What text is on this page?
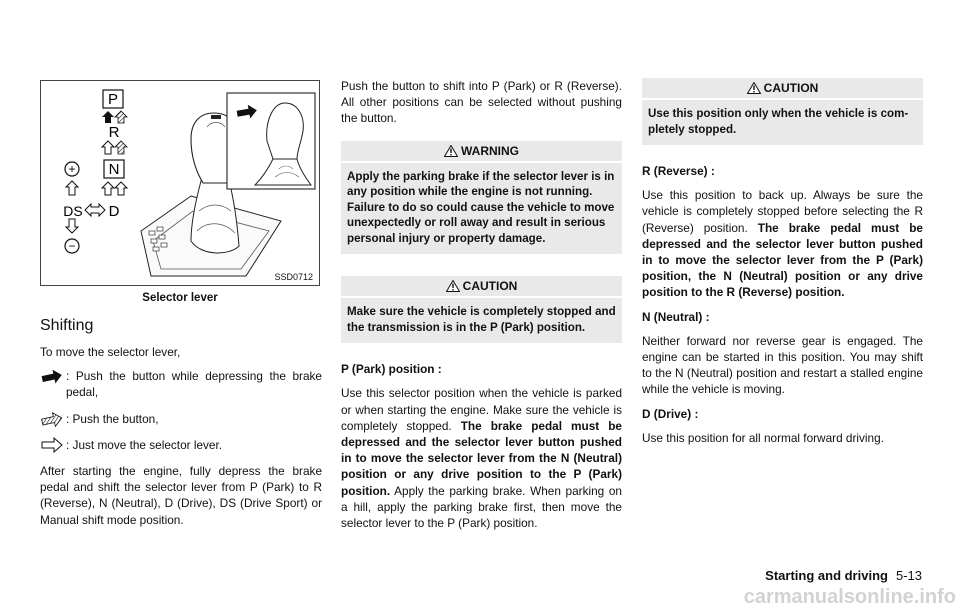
P
R
N
D
DS
+
−
SSD0712
Selector lever
Shifting

To move the selector lever,

: Push the button while depressing the brake pedal,
: Push the button,
: Just move the selector lever.

After starting the engine, fully depress the brake pedal and shift the selector lever from P (Park) to R (Reverse), N (Neutral), D (Drive), DS (Drive Sport) or Manual shift mode position.

Push the button to shift into P (Park) or R (Reverse). All other positions can be selected without pushing the button.

WARNING
Apply the parking brake if the selector lever is in any position while the engine is not running. Failure to do so could cause the vehicle to move unexpectedly or roll away and result in serious personal injury or property damage.
CAUTION
Make sure the vehicle is completely stopped and the transmission is in the P (Park) position.

P (Park) position :

Use this selector position when the vehicle is parked or when starting the engine. Make sure the vehicle is completely stopped. The brake pedal must be depressed and the selector lever button pushed in to move the selector lever from the N (Neutral) position or any drive position to the P (Park) position. Apply the parking brake. When parking on a hill, apply the parking brake first, then move the selector lever to the P (Park) position.

CAUTION
Use this position only when the vehicle is com-pletely stopped.

R (Reverse) :

Use this position to back up. Always be sure the vehicle is completely stopped before selecting the R (Reverse) position. The brake pedal must be depressed and the selector lever button pushed in to move the selector lever from the P (Park) position, the N (Neutral) position or any drive position to the R (Reverse) position.

N (Neutral) :

Neither forward nor reverse gear is engaged. The engine can be started in this position. You may shift to the N (Neutral) position and restart a stalled engine while the vehicle is moving.

D (Drive) :

Use this position for all normal forward driving.

Starting and driving 5-13
carmanualsonline.info
